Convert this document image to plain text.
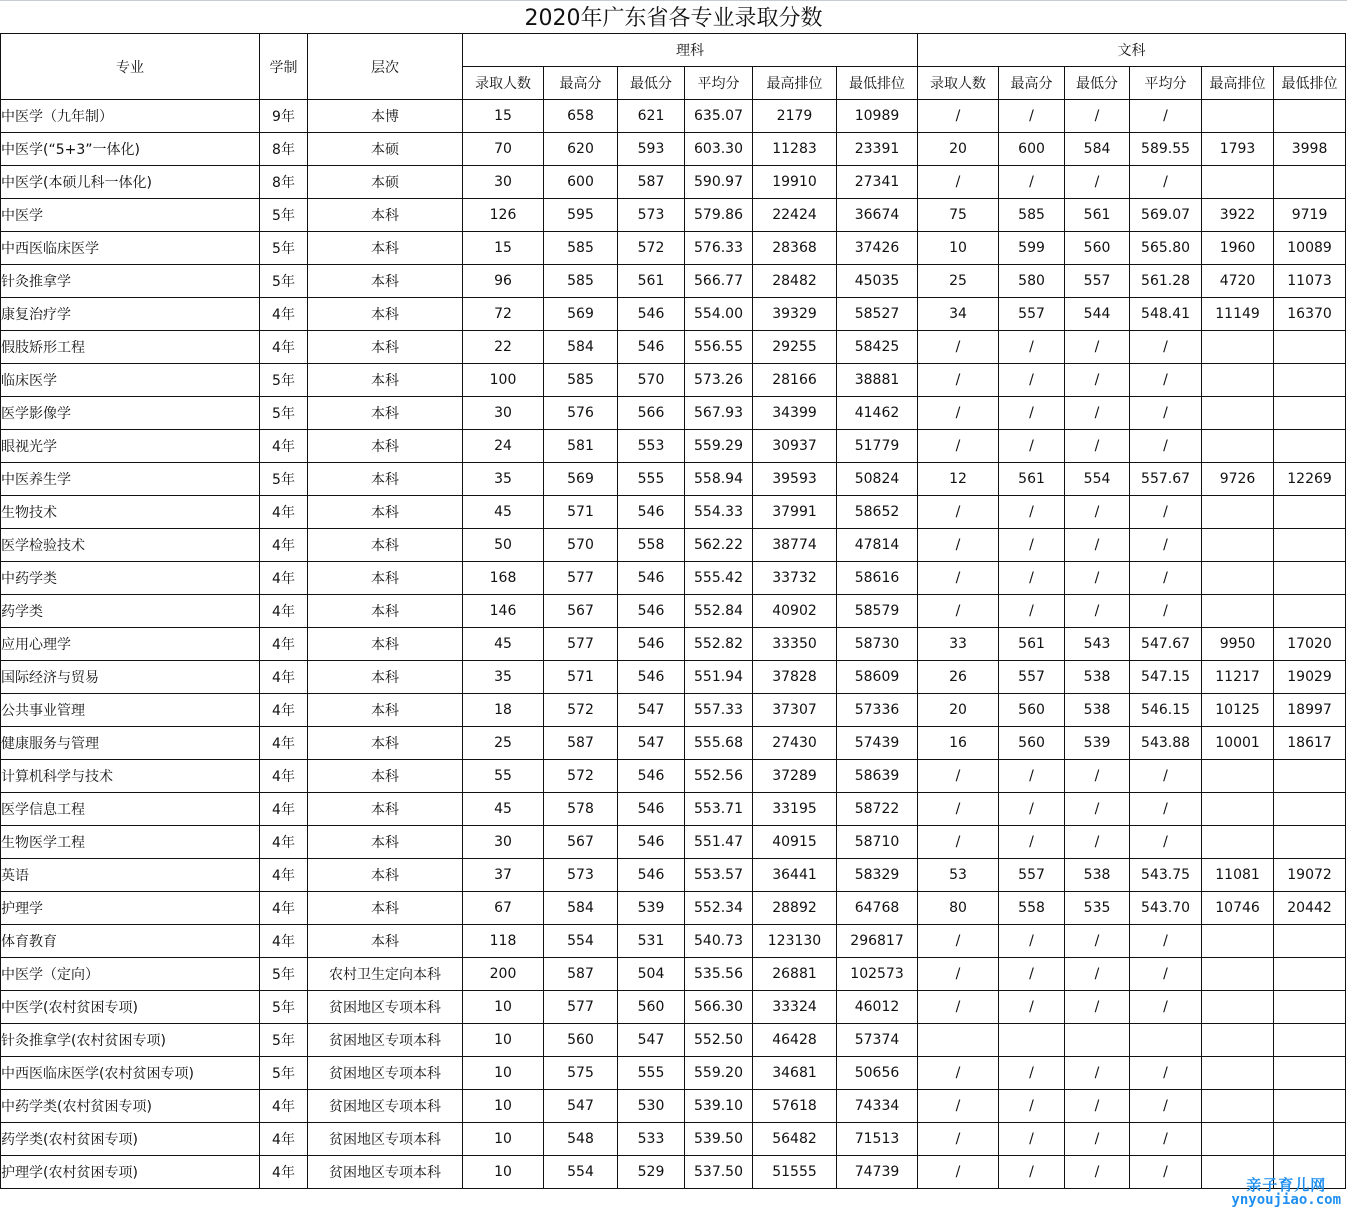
2020年广东省各专业录取分数
专业	学制	层次	理科						文科					
			录取人数	最高分	最低分	平均分	最高排位	最低排位	录取人数	最高分	最低分	平均分	最高排位	最低排位
中医学（九年制）	9年	本博	15	658	621	635.07	2179	10989	/	/	/	/		
中医学(“5+3”一体化)	8年	本硕	70	620	593	603.30	11283	23391	20	600	584	589.55	1793	3998
中医学(本硕儿科一体化)	8年	本硕	30	600	587	590.97	19910	27341	/	/	/	/		
中医学	5年	本科	126	595	573	579.86	22424	36674	75	585	561	569.07	3922	9719
中西医临床医学	5年	本科	15	585	572	576.33	28368	37426	10	599	560	565.80	1960	10089
针灸推拿学	5年	本科	96	585	561	566.77	28482	45035	25	580	557	561.28	4720	11073
康复治疗学	4年	本科	72	569	546	554.00	39329	58527	34	557	544	548.41	11149	16370
假肢矫形工程	4年	本科	22	584	546	556.55	29255	58425	/	/	/	/		
临床医学	5年	本科	100	585	570	573.26	28166	38881	/	/	/	/		
医学影像学	5年	本科	30	576	566	567.93	34399	41462	/	/	/	/		
眼视光学	4年	本科	24	581	553	559.29	30937	51779	/	/	/	/		
中医养生学	5年	本科	35	569	555	558.94	39593	50824	12	561	554	557.67	9726	12269
生物技术	4年	本科	45	571	546	554.33	37991	58652	/	/	/	/		
医学检验技术	4年	本科	50	570	558	562.22	38774	47814	/	/	/	/		
中药学类	4年	本科	168	577	546	555.42	33732	58616	/	/	/	/		
药学类	4年	本科	146	567	546	552.84	40902	58579	/	/	/	/		
应用心理学	4年	本科	45	577	546	552.82	33350	58730	33	561	543	547.67	9950	17020
国际经济与贸易	4年	本科	35	571	546	551.94	37828	58609	26	557	538	547.15	11217	19029
公共事业管理	4年	本科	18	572	547	557.33	37307	57336	20	560	538	546.15	10125	18997
健康服务与管理	4年	本科	25	587	547	555.68	27430	57439	16	560	539	543.88	10001	18617
计算机科学与技术	4年	本科	55	572	546	552.56	37289	58639	/	/	/	/		
医学信息工程	4年	本科	45	578	546	553.71	33195	58722	/	/	/	/		
生物医学工程	4年	本科	30	567	546	551.47	40915	58710	/	/	/	/		
英语	4年	本科	37	573	546	553.57	36441	58329	53	557	538	543.75	11081	19072
护理学	4年	本科	67	584	539	552.34	28892	64768	80	558	535	543.70	10746	20442
体育教育	4年	本科	118	554	531	540.73	123130	296817	/	/	/	/		
中医学（定向）	5年	农村卫生定向本科	200	587	504	535.56	26881	102573	/	/	/	/		
中医学(农村贫困专项)	5年	贫困地区专项本科	10	577	560	566.30	33324	46012	/	/	/	/		
针灸推拿学(农村贫困专项)	5年	贫困地区专项本科	10	560	547	552.50	46428	57374						
中西医临床医学(农村贫困专项)	5年	贫困地区专项本科	10	575	555	559.20	34681	50656	/	/	/	/		
中药学类(农村贫困专项)	4年	贫困地区专项本科	10	547	530	539.10	57618	74334	/	/	/	/		
药学类(农村贫困专项)	4年	贫困地区专项本科	10	548	533	539.50	56482	71513	/	/	/	/		
护理学(农村贫困专项)	4年	贫困地区专项本科	10	554	529	537.50	51555	74739	/	/	/	/		
亲子育儿网
ynyoujiao.com
